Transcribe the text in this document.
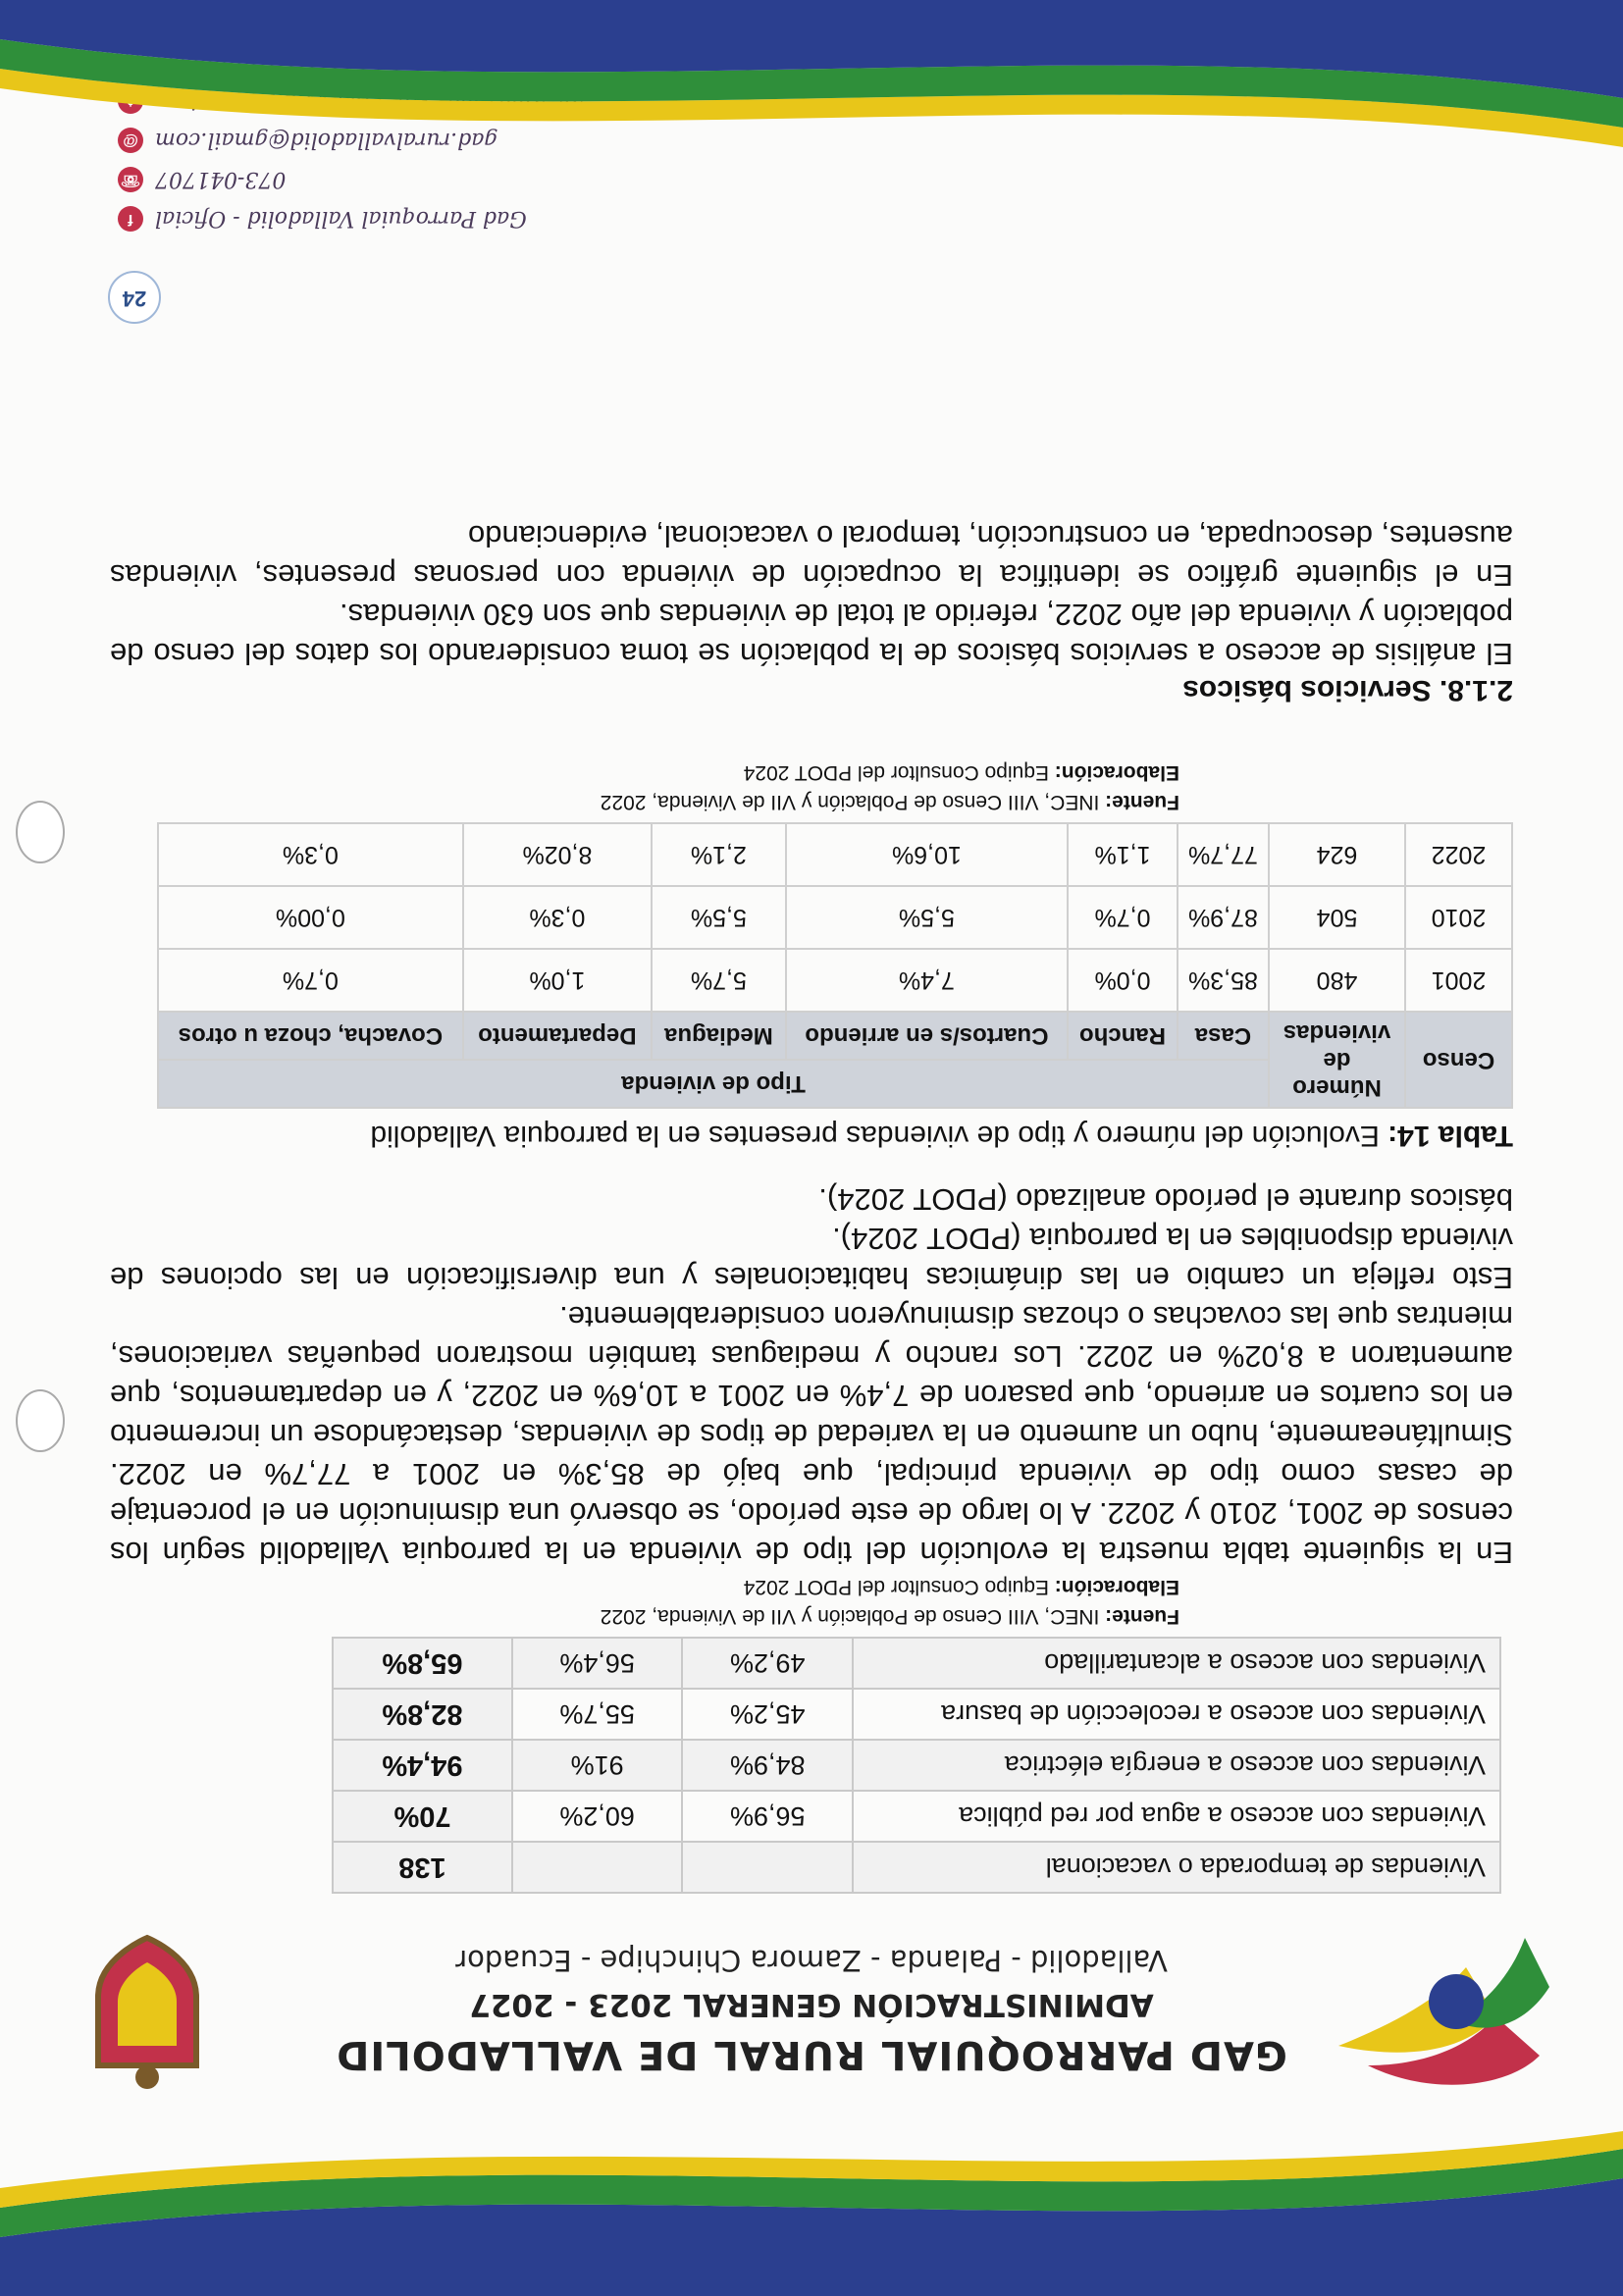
GAD PARROQUIAL RURAL DE VALLADOLID
ADMINISTRACIÓN GENERAL 2023 - 2027
Valladolid - Palanda - Zamora Chinchipe - Ecuador
Viviendas de temporada o vacacional			138
Viviendas con acceso a agua por red pública	56,9%	60,2%	70%
Viviendas con acceso a energía eléctrica	84,9%	91%	94,4%
Viviendas con acceso a recolección de basura	45,2%	55,7%	82,8%
Viviendas con acceso a alcantarillado	49,2%	56,4%	65,8%
Fuente: INEC, VIII Censo de Población y VII de Vivienda, 2022
Elaboración: Equipo Consultor del PDOT 2024

En la siguiente tabla muestra la evolución del tipo de vivienda en la parroquia Valladolid según los censos de 2001, 2010 y 2022. A lo largo de este período, se observó una disminución en el porcentaje de casas como tipo de vivienda principal, que bajó de 85,3% en 2001 a 77,7% en 2022. Simultáneamente, hubo un aumento en la variedad de tipos de viviendas, destacándose un incremento en los cuartos en arriendo, que pasaron de 7,4% en 2001 a 10,6% en 2022, y en departamentos, que aumentaron a 8,02% en 2022. Los rancho y mediaguas también mostraron pequeñas variaciones, mientras que las covachas o chozas disminuyeron considerablemente.

Esto refleja un cambio en las dinámicas habitacionales y una diversificación en las opciones de vivienda disponibles en la parroquia (PDOT 2024).

básicos durante el período analizado (PDOT 2024).

Tabla 14: Evolución del número y tipo de viviendas presentes en la parroquia Valladolid
Censo	Número de viviendas	Tipo de vivienda					
		Casa	Rancho	Cuartos/s en arriendo	Mediagua	Departamento	Covacha, choza u otros
2001	480	85,3%	0,0%	7,4%	5,7%	1,0%	0,7%
2010	504	87,9%	0,7%	5,5%	5,5%	0,3%	0,00%
2022	624	77,7%	1,1%	10,6%	2,1%	8,02%	0,3%
Fuente: INEC, VIII Censo de Población y VII de Vivienda, 2022
Elaboración: Equipo Consultor del PDOT 2024
2.1.8. Servicios básicos

El análisis de acceso a servicios básicos de la población se toma considerando los datos del censo de población y vivienda del año 2022, referido al total de viviendas que son 630 viviendas.

En el siguiente gráfico se identifica la ocupación de vivienda con personas presentes, viviendas ausentes, desocupada, en construcción, temporal o vacacional, evidenciando

24
Gad Parroquial Valladolid - Oficial
f
073-041707
☏
gad.ruralvalladolid@gmail.com
@
